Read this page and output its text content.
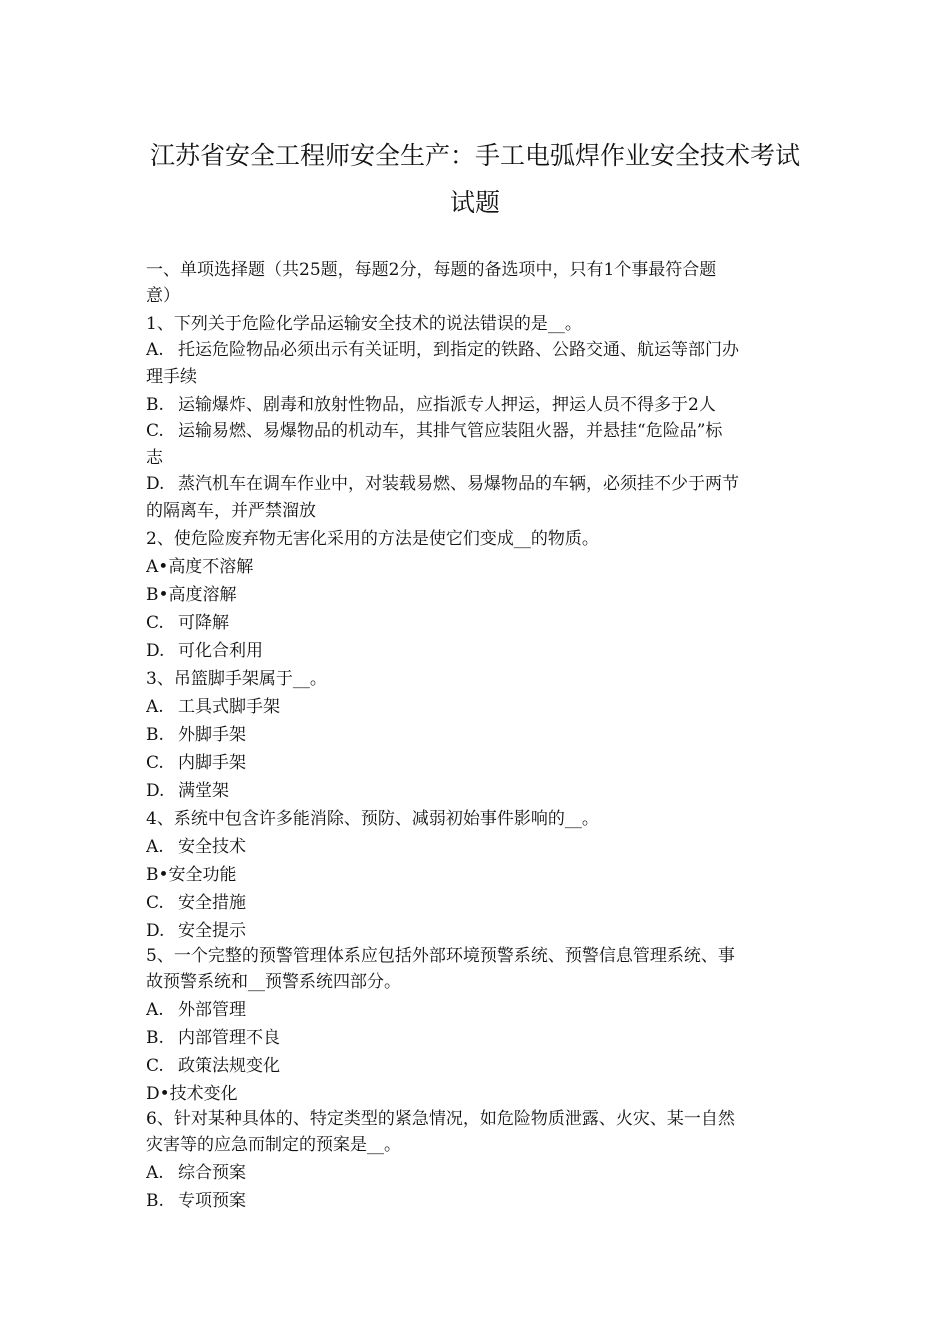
江苏省安全工程师安全生产：手工电弧焊作业安全技术考试
试题
一、单项选择题（共25题，每题2分，每题的备选项中，只有1个事最符合题
意）
1、下列关于危险化学品运输安全技术的说法错误的是__。
A. 托运危险物品必须出示有关证明，到指定的铁路、公路交通、航运等部门办
理手续
B. 运输爆炸、剧毒和放射性物品，应指派专人押运，押运人员不得多于2人
C. 运输易燃、易爆物品的机动车，其排气管应装阻火器，并悬挂“危险品”标
志
D. 蒸汽机车在调车作业中，对装载易燃、易爆物品的车辆，必须挂不少于两节
的隔离车，并严禁溜放
2、使危险废弃物无害化采用的方法是使它们变成__的物质。
A•高度不溶解
B•高度溶解
C. 可降解
D. 可化合利用
3、吊篮脚手架属于__。
A. 工具式脚手架
B. 外脚手架
C. 内脚手架
D. 满堂架
4、系统中包含许多能消除、预防、减弱初始事件影响的__。
A. 安全技术
B•安全功能
C. 安全措施
D. 安全提示
5、一个完整的预警管理体系应包括外部环境预警系统、预警信息管理系统、事
故预警系统和__预警系统四部分。
A. 外部管理
B. 内部管理不良
C. 政策法规变化
D•技术变化
6、针对某种具体的、特定类型的紧急情况，如危险物质泄露、火灾、某一自然
灾害等的应急而制定的预案是__。
A. 综合预案
B. 专项预案
